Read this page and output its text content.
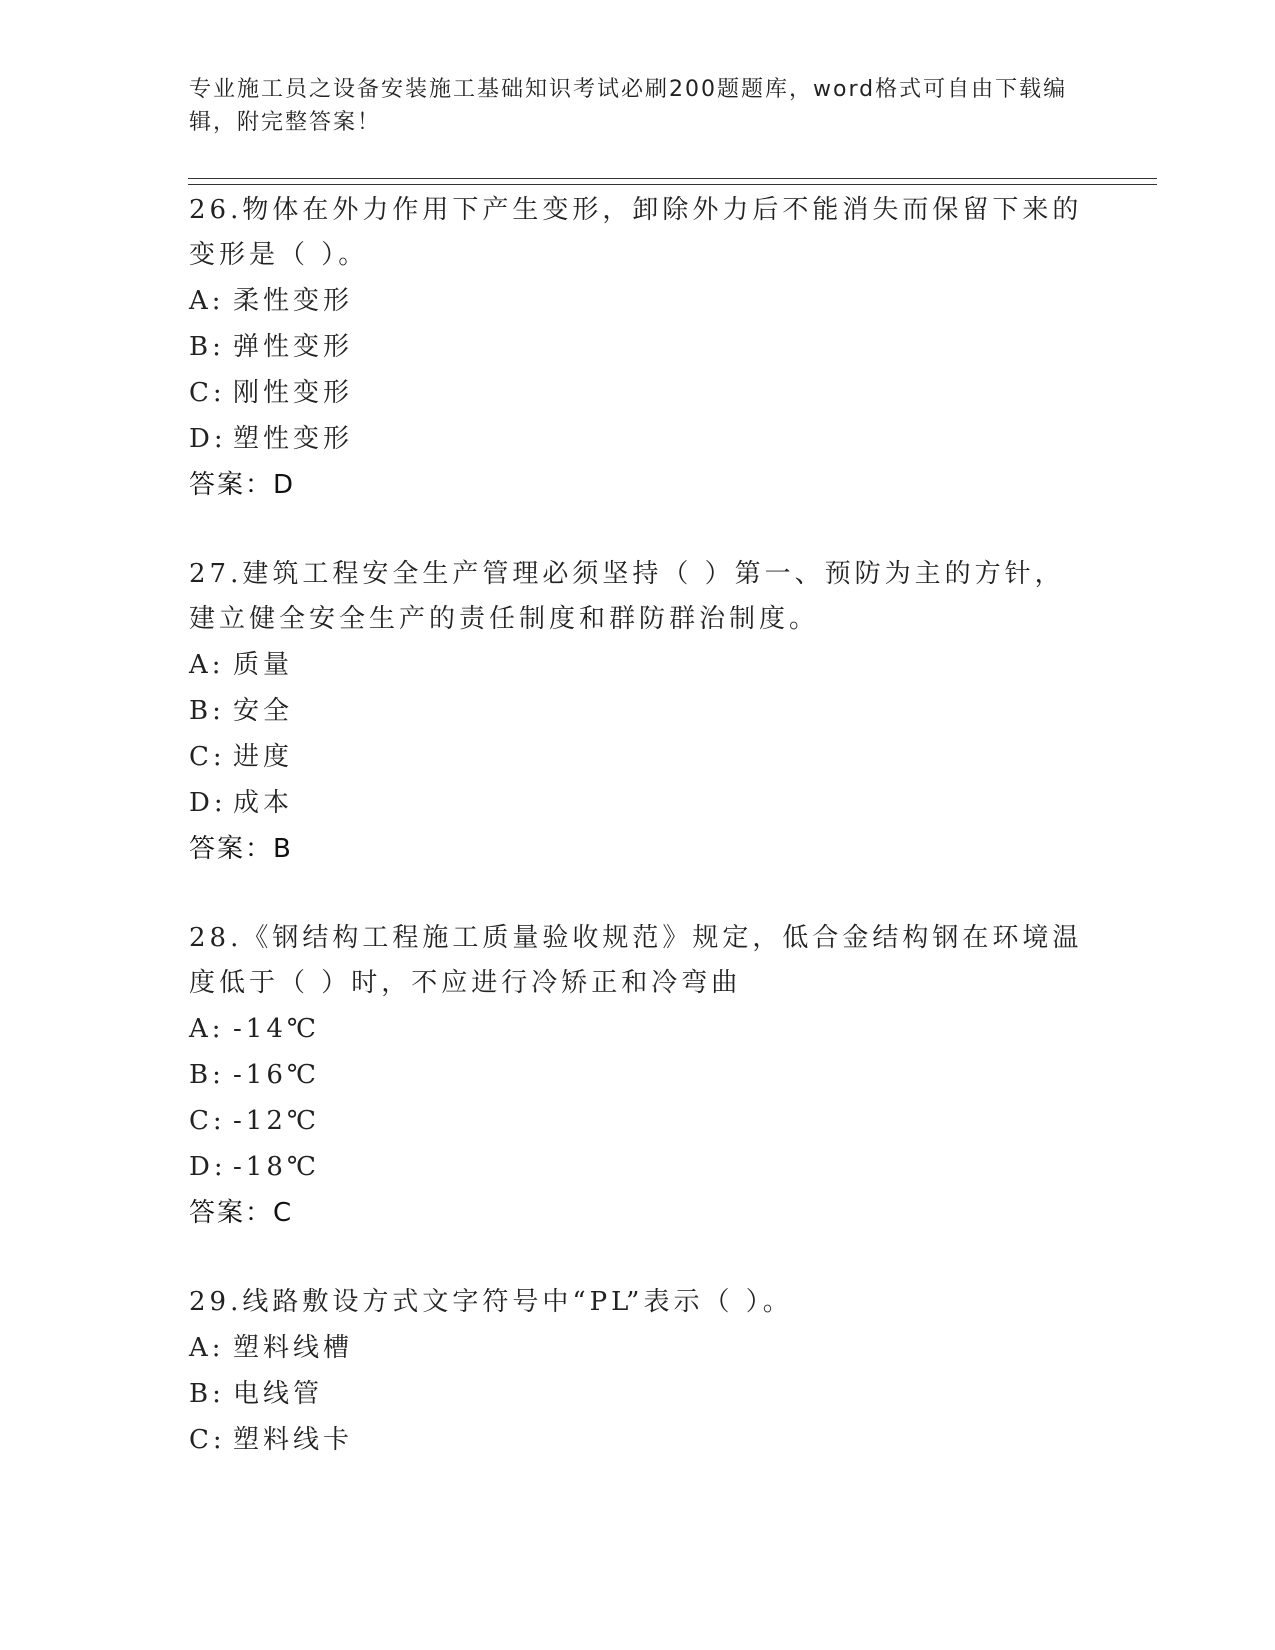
专业施工员之设备安装施工基础知识考试必刷200题题库，word格式可自由下载编辑，附完整答案！
26.物体在外力作用下产生变形，卸除外力后不能消失而保留下来的变形是（ ）。
A: 柔性变形
B: 弹性变形
C: 刚性变形
D: 塑性变形
答案：D
27.建筑工程安全生产管理必须坚持（ ）第一、预防为主的方针，建立健全安全生产的责任制度和群防群治制度。
A: 质量
B: 安全
C: 进度
D: 成本
答案：B
28.《钢结构工程施工质量验收规范》规定，低合金结构钢在环境温度低于（ ）时，不应进行冷矫正和冷弯曲
A: -14℃
B: -16℃
C: -12℃
D: -18℃
答案：C
29.线路敷设方式文字符号中“PL”表示（ ）。
A: 塑料线槽
B: 电线管
C: 塑料线卡
